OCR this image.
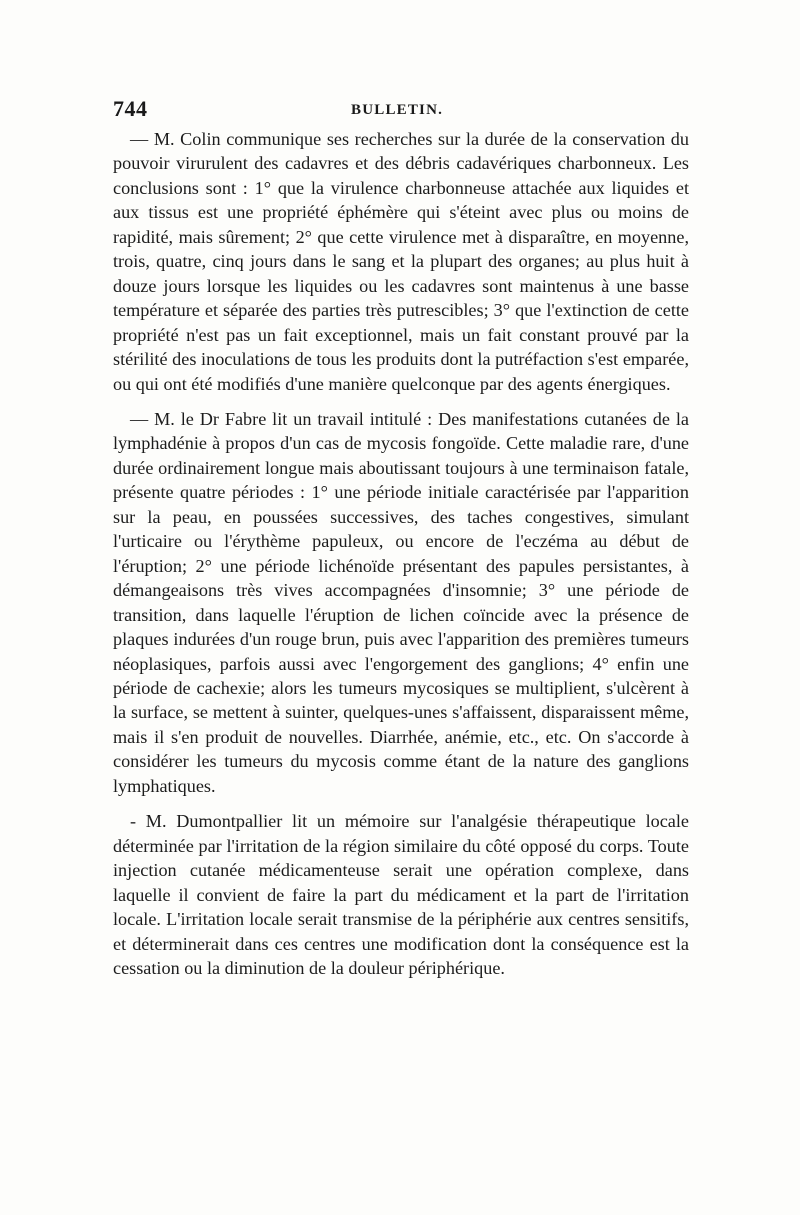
744	BULLETIN.

— M. Colin communique ses recherches sur la durée de la conservation du pouvoir virurulent des cadavres et des débris cadavériques charbonneux. Les conclusions sont : 1° que la virulence charbonneuse attachée aux liquides et aux tissus est une propriété éphémère qui s'éteint avec plus ou moins de rapidité, mais sûrement; 2° que cette virulence met à disparaître, en moyenne, trois, quatre, cinq jours dans le sang et la plupart des organes; au plus huit à douze jours lorsque les liquides ou les cadavres sont maintenus à une basse température et séparée des parties très putrescibles; 3° que l'extinction de cette propriété n'est pas un fait exceptionnel, mais un fait constant prouvé par la stérilité des inoculations de tous les produits dont la putréfaction s'est emparée, ou qui ont été modifiés d'une manière quelconque par des agents énergiques.

— M. le Dr Fabre lit un travail intitulé : Des manifestations cutanées de la lymphadénie à propos d'un cas de mycosis fongoïde. Cette maladie rare, d'une durée ordinairement longue mais aboutissant toujours à une terminaison fatale, présente quatre périodes : 1° une période initiale caractérisée par l'apparition sur la peau, en poussées successives, des taches congestives, simulant l'urticaire ou l'érythème papuleux, ou encore de l'eczéma au début de l'éruption; 2° une période lichénoïde présentant des papules persistantes, à démangeaisons très vives accompagnées d'insomnie; 3° une période de transition, dans laquelle l'éruption de lichen coïncide avec la présence de plaques indurées d'un rouge brun, puis avec l'apparition des premières tumeurs néoplasiques, parfois aussi avec l'engorgement des ganglions; 4° enfin une période de cachexie; alors les tumeurs mycosiques se multiplient, s'ulcèrent à la surface, se mettent à suinter, quelques-unes s'affaissent, disparaissent même, mais il s'en produit de nouvelles. Diarrhée, anémie, etc., etc. On s'accorde à considérer les tumeurs du mycosis comme étant de la nature des ganglions lymphatiques.

- M. Dumontpallier lit un mémoire sur l'analgésie thérapeutique locale déterminée par l'irritation de la région similaire du côté opposé du corps. Toute injection cutanée médicamenteuse serait une opération complexe, dans laquelle il convient de faire la part du médicament et la part de l'irritation locale. L'irritation locale serait transmise de la périphérie aux centres sensitifs, et déterminerait dans ces centres une modification dont la conséquence est la cessation ou la diminution de la douleur périphérique.
